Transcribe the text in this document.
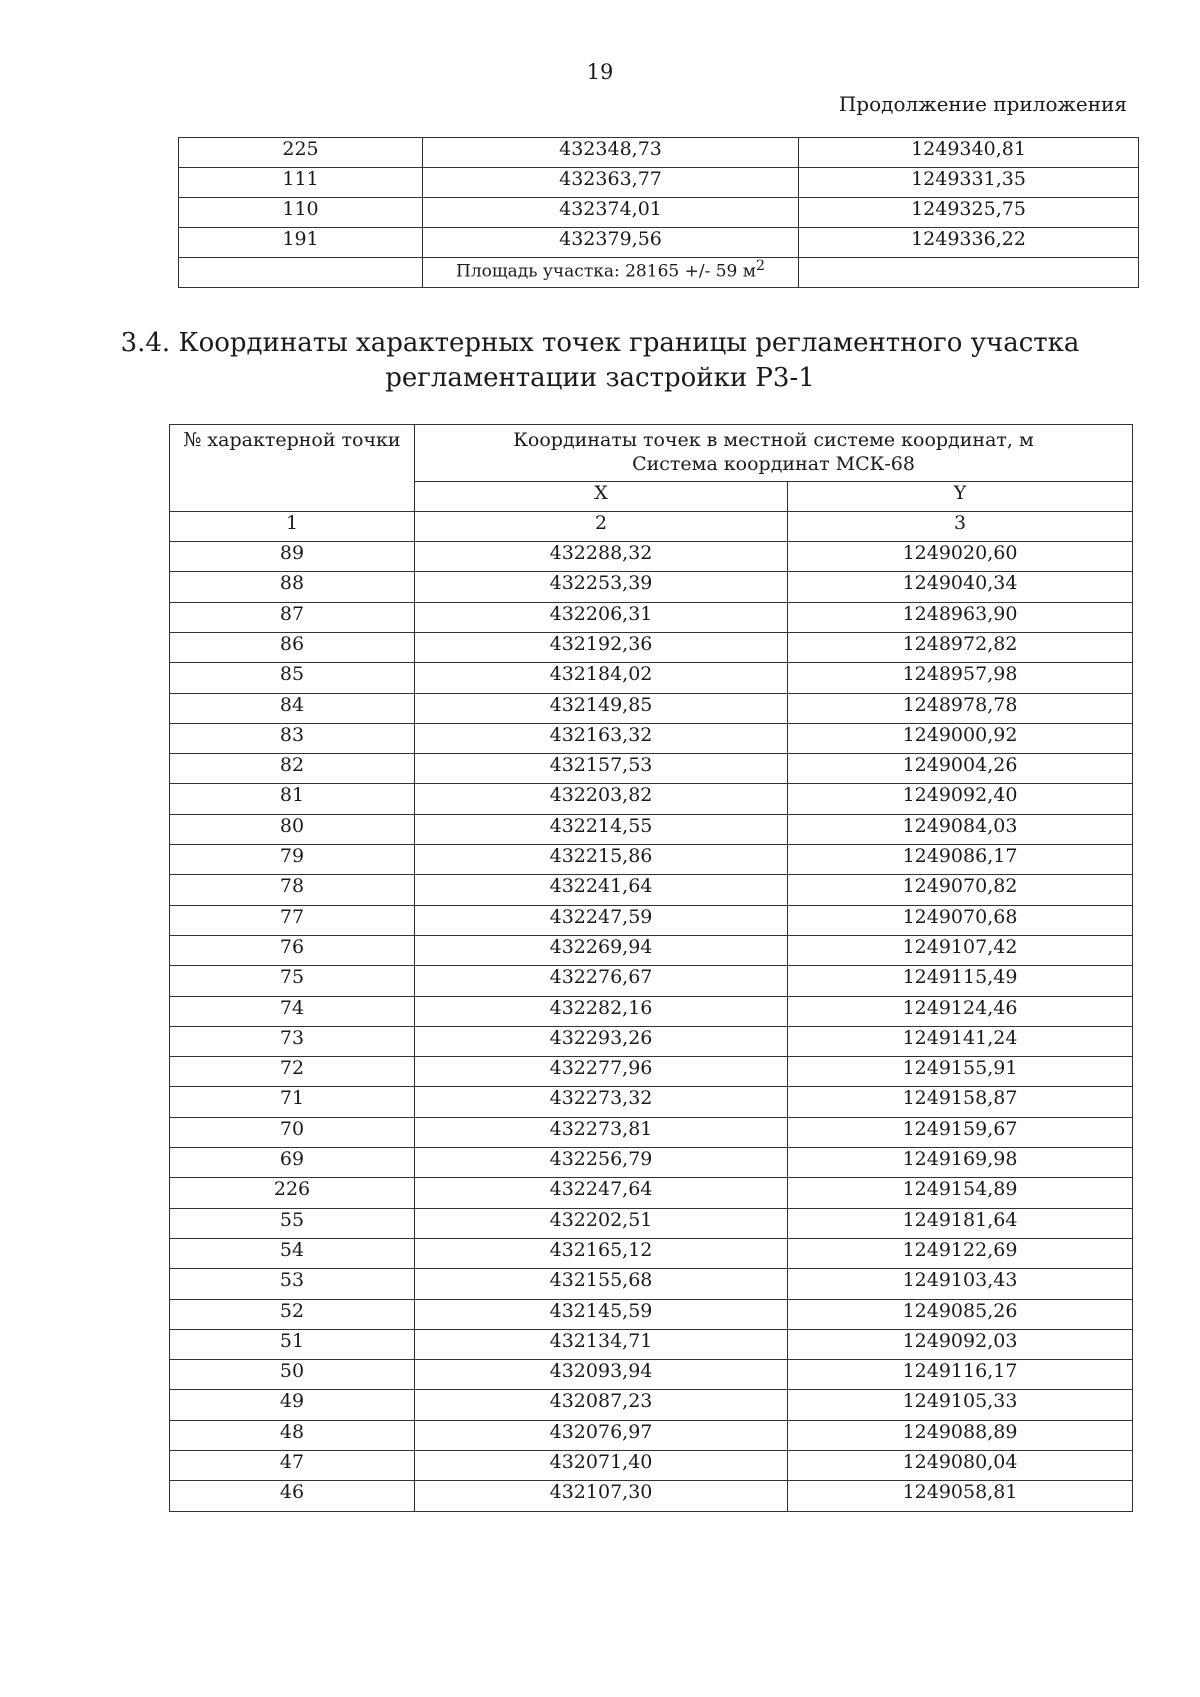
19
Продолжение приложения
225	432348,73	1249340,81
111	432363,77	1249331,35
110	432374,01	1249325,75
191	432379,56	1249336,22
	Площадь участка: 28165 +/- 59 $м^2$	
3.4. Координаты характерных точек границы регламентного участка
регламентации застройки Р3-1
№ характерной точки	Координаты точек в местной системе координат, м
Система координат МСК-68	

	X	Y
1	2	3
89	432288,32	1249020,60
88	432253,39	1249040,34
87	432206,31	1248963,90
86	432192,36	1248972,82
85	432184,02	1248957,98
84	432149,85	1248978,78
83	432163,32	1249000,92
82	432157,53	1249004,26
81	432203,82	1249092,40
80	432214,55	1249084,03
79	432215,86	1249086,17
78	432241,64	1249070,82
77	432247,59	1249070,68
76	432269,94	1249107,42
75	432276,67	1249115,49
74	432282,16	1249124,46
73	432293,26	1249141,24
72	432277,96	1249155,91
71	432273,32	1249158,87
70	432273,81	1249159,67
69	432256,79	1249169,98
226	432247,64	1249154,89
55	432202,51	1249181,64
54	432165,12	1249122,69
53	432155,68	1249103,43
52	432145,59	1249085,26
51	432134,71	1249092,03
50	432093,94	1249116,17
49	432087,23	1249105,33
48	432076,97	1249088,89
47	432071,40	1249080,04
46	432107,30	1249058,81
